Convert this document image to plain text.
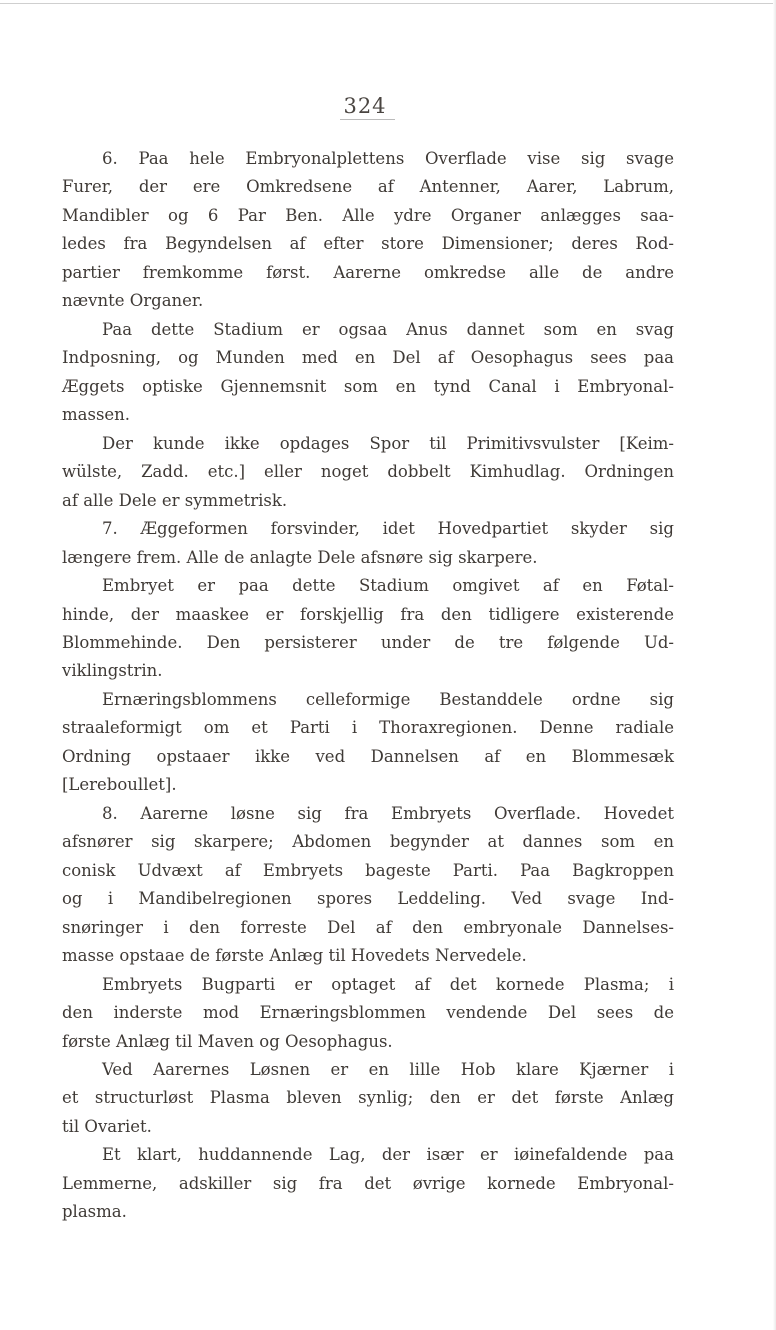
324
6. Paa hele Embryonalplettens Overflade vise sig svage
Furer, der ere Omkredsene af Antenner, Aarer, Labrum,
Mandibler og 6 Par Ben. Alle ydre Organer anlægges saa-
ledes fra Begyndelsen af efter store Dimensioner; deres Rod-
partier fremkomme først. Aarerne omkredse alle de andre
nævnte Organer.
Paa dette Stadium er ogsaa Anus dannet som en svag
Indposning, og Munden med en Del af Oesophagus sees paa
Æggets optiske Gjennemsnit som en tynd Canal i Embryonal-
massen.
Der kunde ikke opdages Spor til Primitivsvulster [Keim-
wülste, Zadd. etc.] eller noget dobbelt Kimhudlag. Ordningen
af alle Dele er symmetrisk.
7. Æggeformen forsvinder, idet Hovedpartiet skyder sig
længere frem. Alle de anlagte Dele afsnøre sig skarpere.
Embryet er paa dette Stadium omgivet af en Føtal-
hinde, der maaskee er forskjellig fra den tidligere existerende
Blommehinde. Den persisterer under de tre følgende Ud-
viklingstrin.
Ernæringsblommens celleformige Bestanddele ordne sig
straaleformigt om et Parti i Thoraxregionen. Denne radiale
Ordning opstaaer ikke ved Dannelsen af en Blommesæk
[Lereboullet].
8. Aarerne løsne sig fra Embryets Overflade. Hovedet
afsnører sig skarpere; Abdomen begynder at dannes som en
conisk Udvæxt af Embryets bageste Parti. Paa Bagkroppen
og i Mandibelregionen spores Leddeling. Ved svage Ind-
snøringer i den forreste Del af den embryonale Dannelses-
masse opstaae de første Anlæg til Hovedets Nervedele.
Embryets Bugparti er optaget af det kornede Plasma; i
den inderste mod Ernæringsblommen vendende Del sees de
første Anlæg til Maven og Oesophagus.
Ved Aarernes Løsnen er en lille Hob klare Kjærner i
et structurløst Plasma bleven synlig; den er det første Anlæg
til Ovariet.
Et klart, huddannende Lag, der især er iøinefaldende paa
Lemmerne, adskiller sig fra det øvrige kornede Embryonal-
plasma.
